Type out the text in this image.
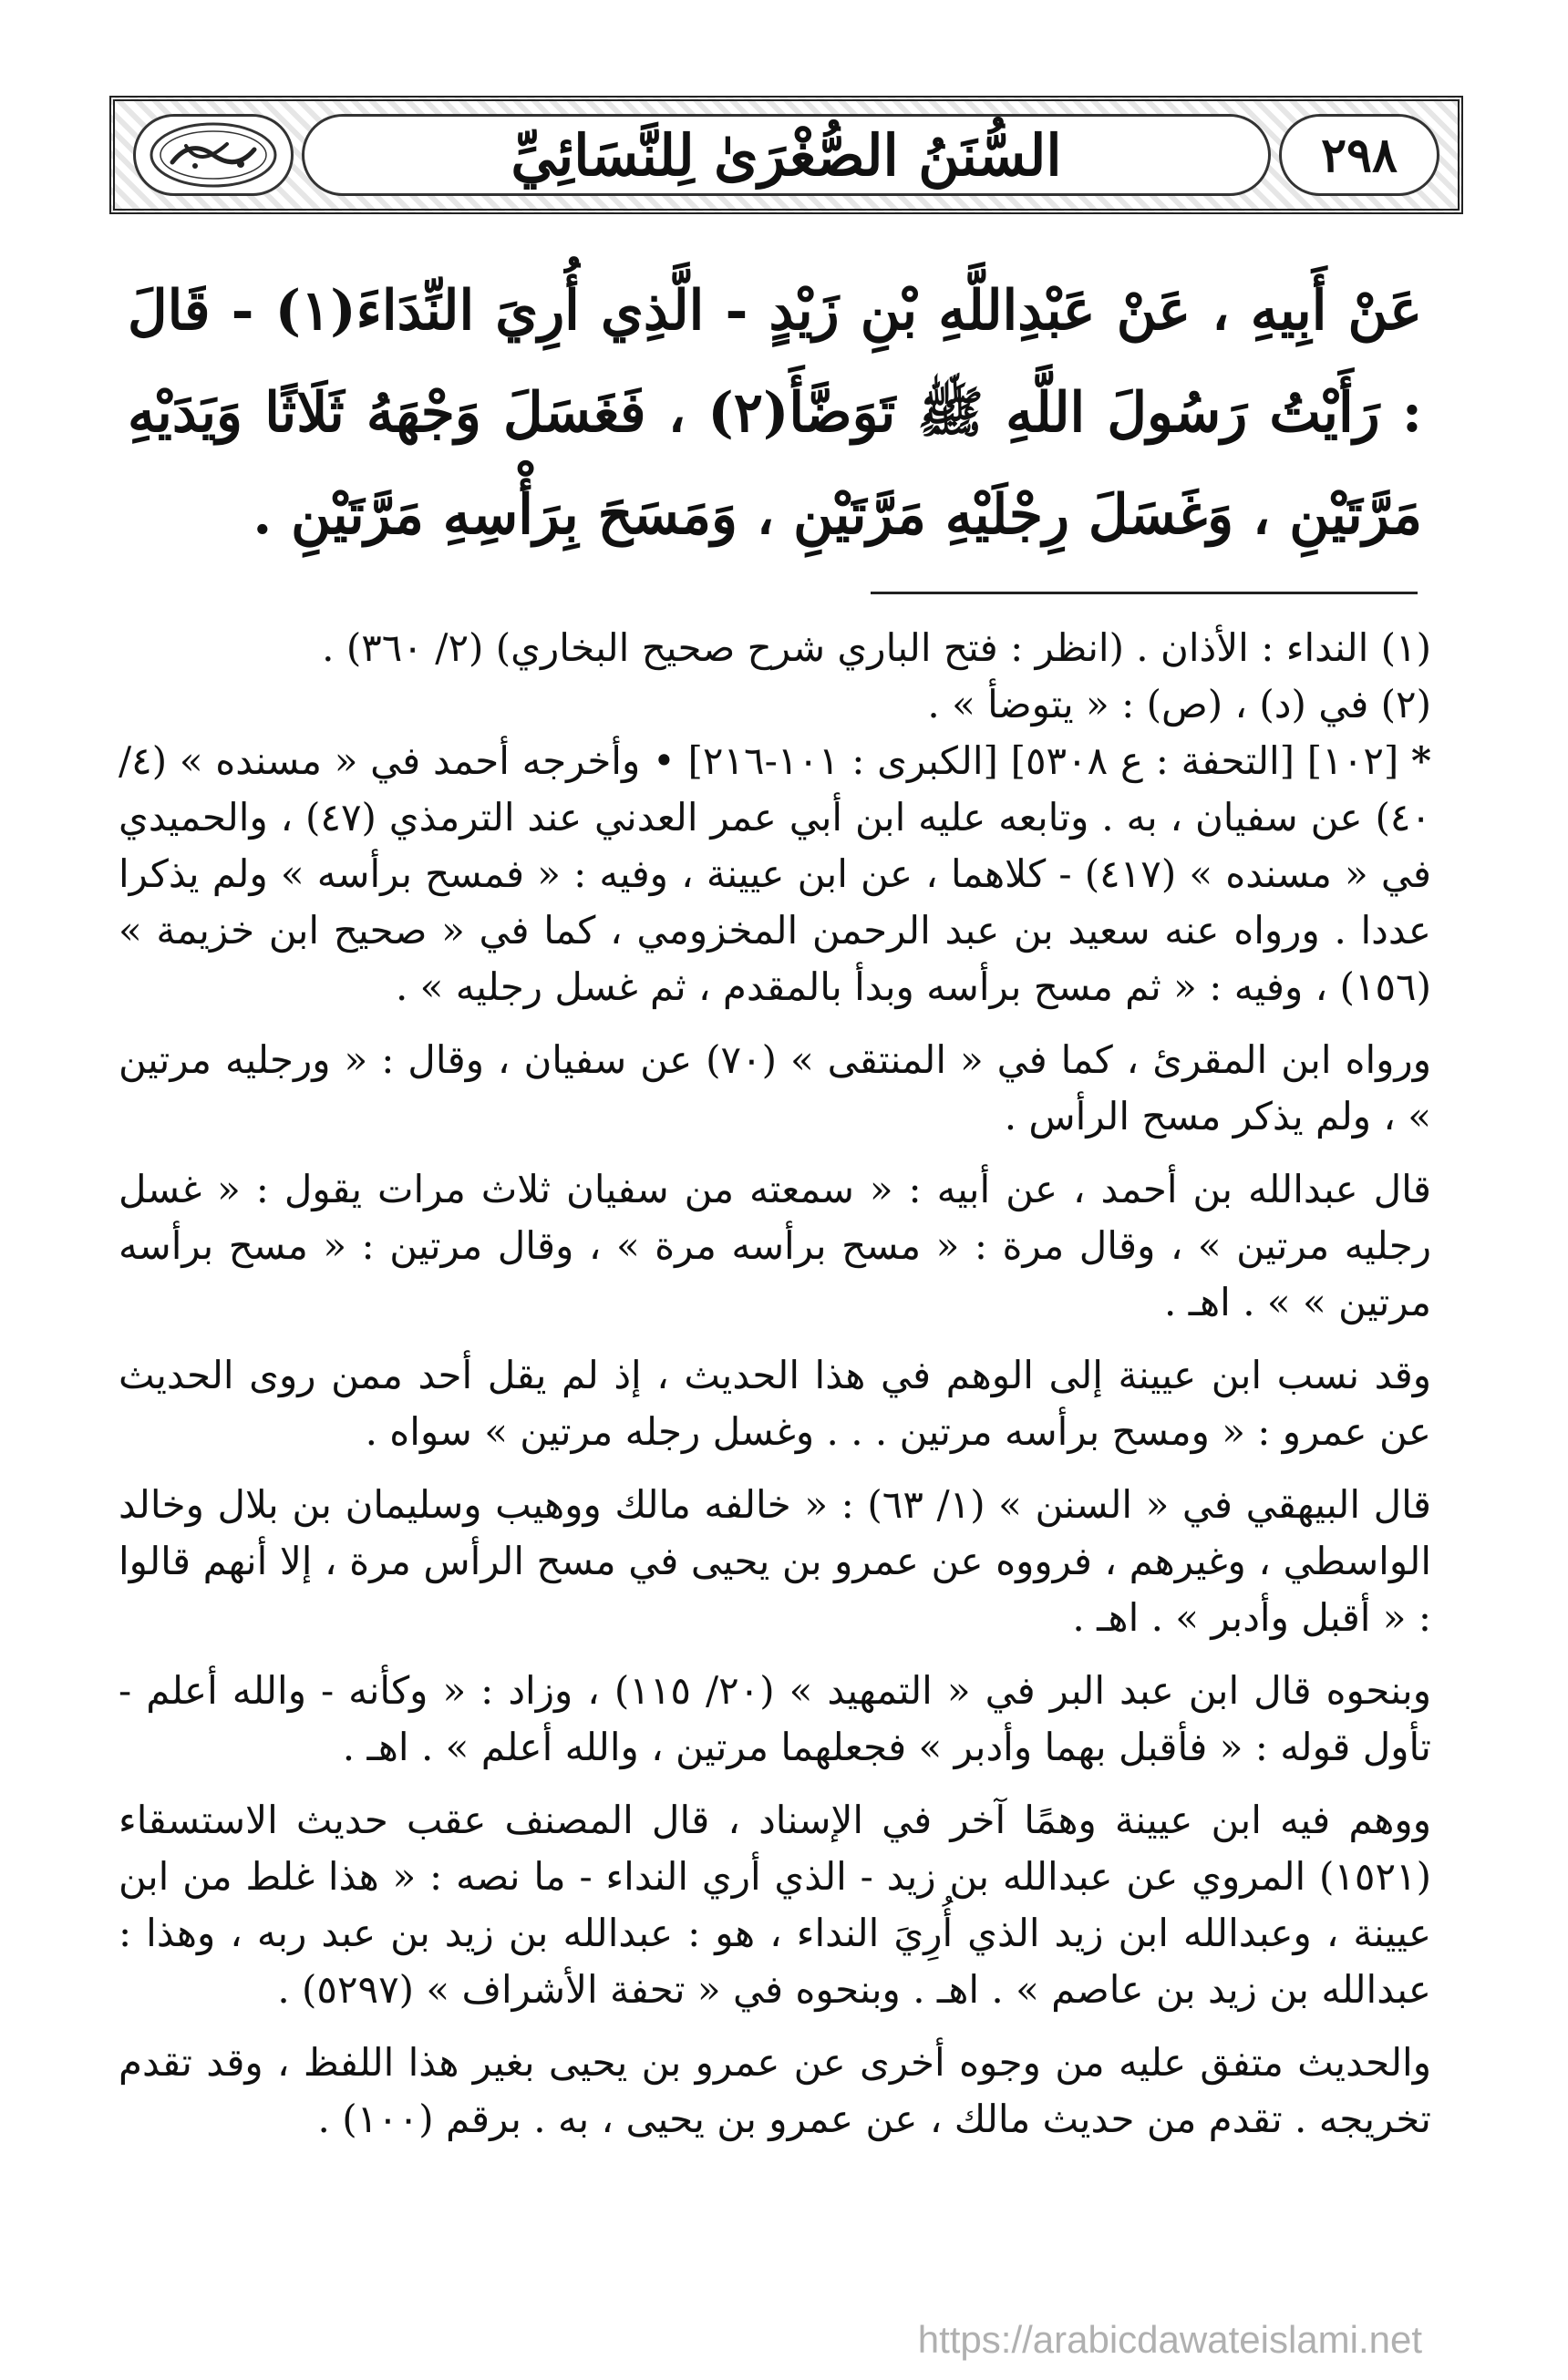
٢٩٨
السُّنَنُ الصُّغْرَىٰ لِلنَّسَائِيِّ

عَنْ أَبِيهِ ، عَنْ عَبْدِاللَّهِ بْنِ زَيْدٍ - الَّذِي أُرِيَ النِّدَاءَ(١) - قَالَ : رَأَيْتُ رَسُولَ اللَّهِ ﷺ تَوَضَّأَ(٢) ، فَغَسَلَ وَجْهَهُ ثَلَاثًا وَيَدَيْهِ مَرَّتَيْنِ ، وَغَسَلَ رِجْلَيْهِ مَرَّتَيْنِ ، وَمَسَحَ بِرَأْسِهِ مَرَّتَيْنِ .

(١) النداء : الأذان . (انظر : فتح الباري شرح صحيح البخاري) (٢/ ٣٦٠) .

(٢) في (د) ، (ص) : « يتوضأ » .

* [١٠٢] [التحفة : ع ٥٣٠٨] [الكبرى : ١٠١-٢١٦] • وأخرجه أحمد في « مسنده » (٤/ ٤٠) عن سفيان ، به . وتابعه عليه ابن أبي عمر العدني عند الترمذي (٤٧) ، والحميدي في « مسنده » (٤١٧) - كلاهما ، عن ابن عيينة ، وفيه : « فمسح برأسه » ولم يذكرا عددا . ورواه عنه سعيد بن عبد الرحمن المخزومي ، كما في « صحيح ابن خزيمة » (١٥٦) ، وفيه : « ثم مسح برأسه وبدأ بالمقدم ، ثم غسل رجليه » .

ورواه ابن المقرئ ، كما في « المنتقى » (٧٠) عن سفيان ، وقال : « ورجليه مرتين » ، ولم يذكر مسح الرأس .

قال عبدالله بن أحمد ، عن أبيه : « سمعته من سفيان ثلاث مرات يقول : « غسل رجليه مرتين » ، وقال مرة : « مسح برأسه مرة » ، وقال مرتين : « مسح برأسه مرتين » » . اهـ .

وقد نسب ابن عيينة إلى الوهم في هذا الحديث ، إذ لم يقل أحد ممن روى الحديث عن عمرو : « ومسح برأسه مرتين . . . وغسل رجله مرتين » سواه .

قال البيهقي في « السنن » (١/ ٦٣) : « خالفه مالك ووهيب وسليمان بن بلال وخالد الواسطي ، وغيرهم ، فرووه عن عمرو بن يحيى في مسح الرأس مرة ، إلا أنهم قالوا : « أقبل وأدبر » . اهـ .

وبنحوه قال ابن عبد البر في « التمهيد » (٢٠/ ١١٥) ، وزاد : « وكأنه - والله أعلم - تأول قوله : « فأقبل بهما وأدبر » فجعلهما مرتين ، والله أعلم » . اهـ .

ووهم فيه ابن عيينة وهمًا آخر في الإسناد ، قال المصنف عقب حديث الاستسقاء (١٥٢١) المروي عن عبدالله بن زيد - الذي أري النداء - ما نصه : « هذا غلط من ابن عيينة ، وعبدالله ابن زيد الذي أُرِيَ النداء ، هو : عبدالله بن زيد بن عبد ربه ، وهذا : عبدالله بن زيد بن عاصم » . اهـ . وبنحوه في « تحفة الأشراف » (٥٢٩٧) .

والحديث متفق عليه من وجوه أخرى عن عمرو بن يحيى بغير هذا اللفظ ، وقد تقدم تخريجه . تقدم من حديث مالك ، عن عمرو بن يحيى ، به . برقم (١٠٠) .

https://arabicdawateislami.net
